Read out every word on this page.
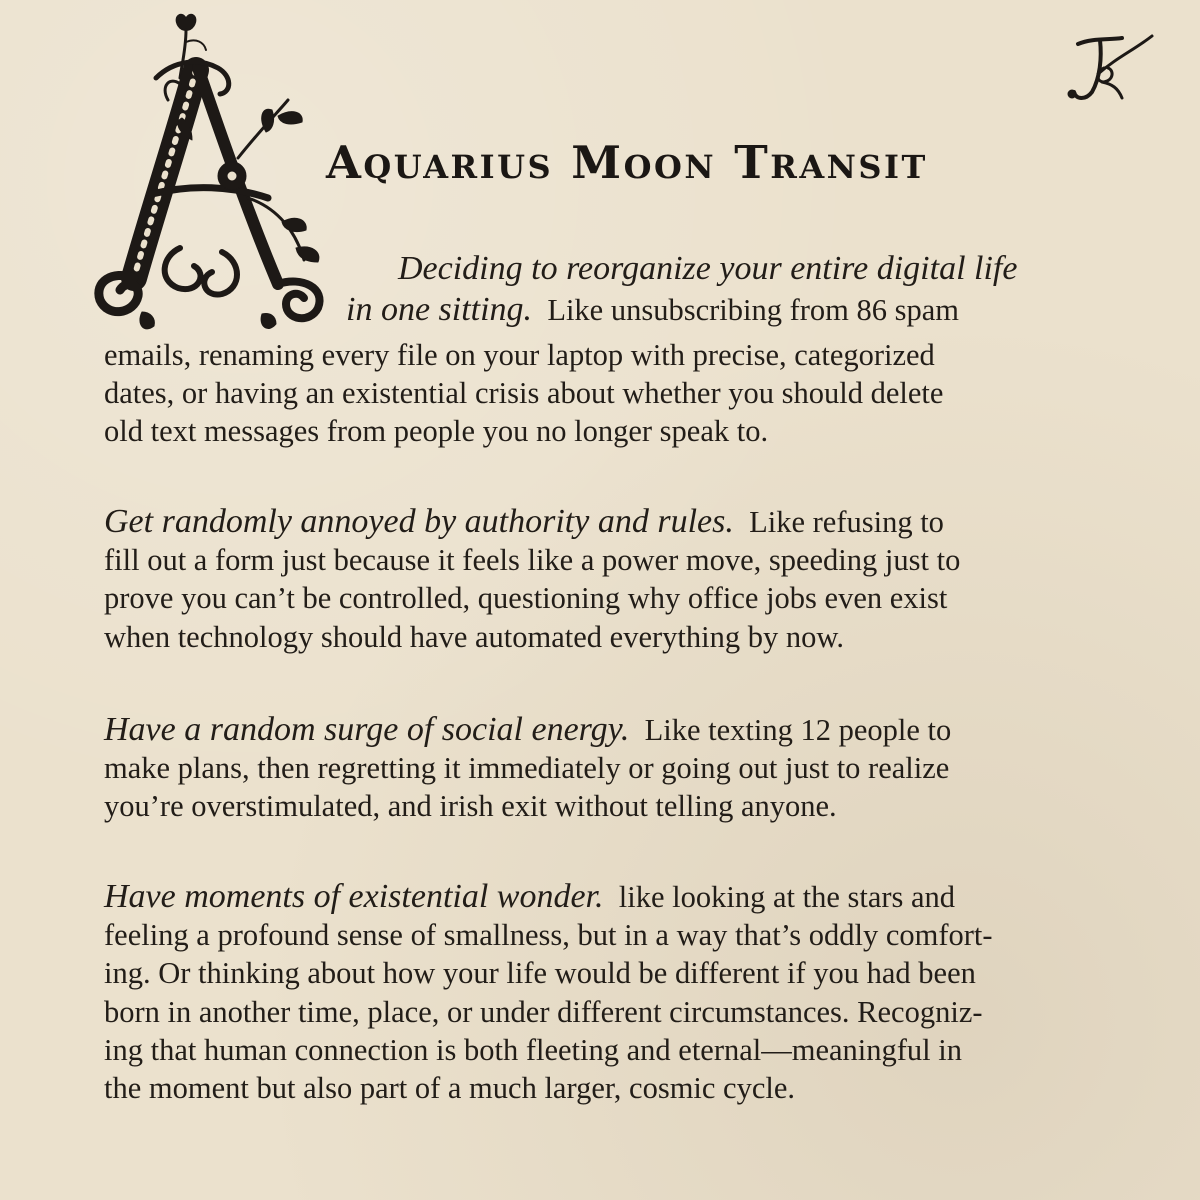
Aquarius Moon Transit

Deciding to reorganize your entire digital life

in one sitting. Like unsubscribing from 86 spam

emails, renaming every file on your laptop with precise, categorized
dates, or having an existential crisis about whether you should delete
old text messages from people you no longer speak to.

Get randomly annoyed by authority and rules. Like refusing to
fill out a form just because it feels like a power move, speeding just to
prove you can’t be controlled, questioning why office jobs even exist
when technology should have automated everything by now.

Have a random surge of social energy. Like texting 12 people to
make plans, then regretting it immediately or going out just to realize
you’re overstimulated, and irish exit without telling anyone.

Have moments of existential wonder. like looking at the stars and
feeling a profound sense of smallness, but in a way that’s oddly comfort-
ing. Or thinking about how your life would be different if you had been
born in another time, place, or under different circumstances. Recogniz-
ing that human connection is both fleeting and eternal—meaningful in
the moment but also part of a much larger, cosmic cycle.
